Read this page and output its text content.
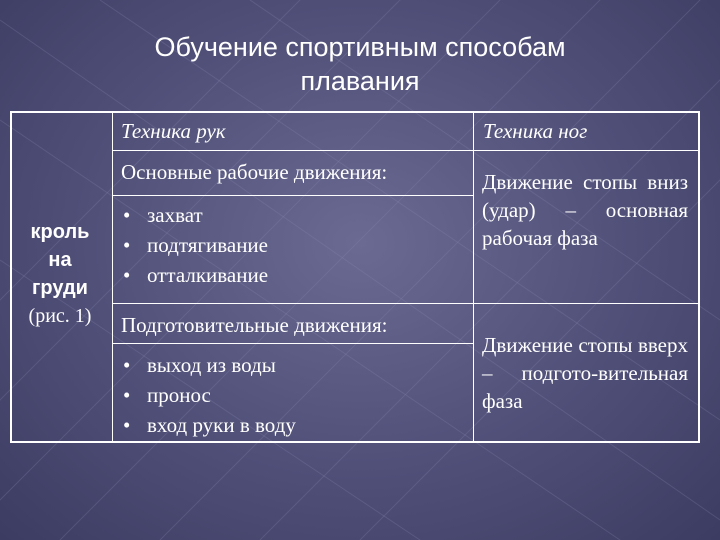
Обучение спортивным способам
плавания
Техника рук	Техника ног
кроль
на
груди
(рис. 1)
Основные рабочие движения:
• захват
• подтягивание
• отталкивание
Подготовительные движения:
• выход из воды
• пронос
• вход руки в воду
Движение стопы вниз (удар) – основная рабочая фаза
Движение стопы вверх – подгото-вительная фаза
